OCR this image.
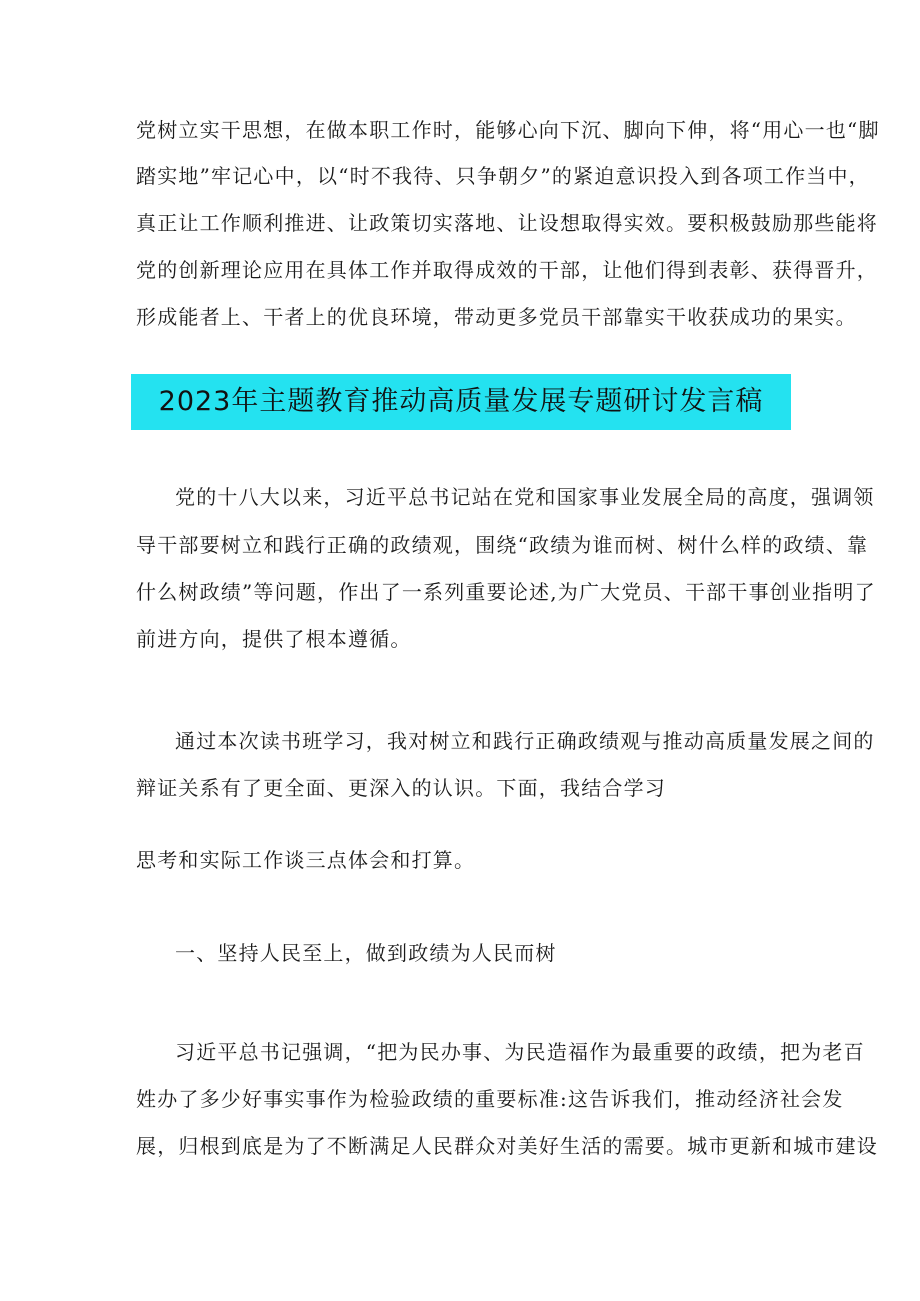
党树立实干思想，在做本职工作时，能够心向下沉、脚向下伸，将“用心一也“脚
踏实地”牢记心中，以“时不我待、只争朝夕”的紧迫意识投入到各项工作当中，
真正让工作顺利推进、让政策切实落地、让设想取得实效。要积极鼓励那些能将
党的创新理论应用在具体工作并取得成效的干部，让他们得到表彰、获得晋升，
形成能者上、干者上的优良环境，带动更多党员干部靠实干收获成功的果实。
2023年主题教育推动高质量发展专题研讨发言稿
党的十八大以来，习近平总书记站在党和国家事业发展全局的高度，强调领
导干部要树立和践行正确的政绩观，围绕“政绩为谁而树、树什么样的政绩、靠
什么树政绩”等问题，作出了一系列重要论述,为广大党员、干部干事创业指明了
前进方向，提供了根本遵循。
通过本次读书班学习，我对树立和践行正确政绩观与推动高质量发展之间的
辩证关系有了更全面、更深入的认识。下面，我结合学习
思考和实际工作谈三点体会和打算。
一、坚持人民至上，做到政绩为人民而树
习近平总书记强调，“把为民办事、为民造福作为最重要的政绩，把为老百
姓办了多少好事实事作为检验政绩的重要标准:这告诉我们，推动经济社会发
展，归根到底是为了不断满足人民群众对美好生活的需要。城市更新和城市建设
